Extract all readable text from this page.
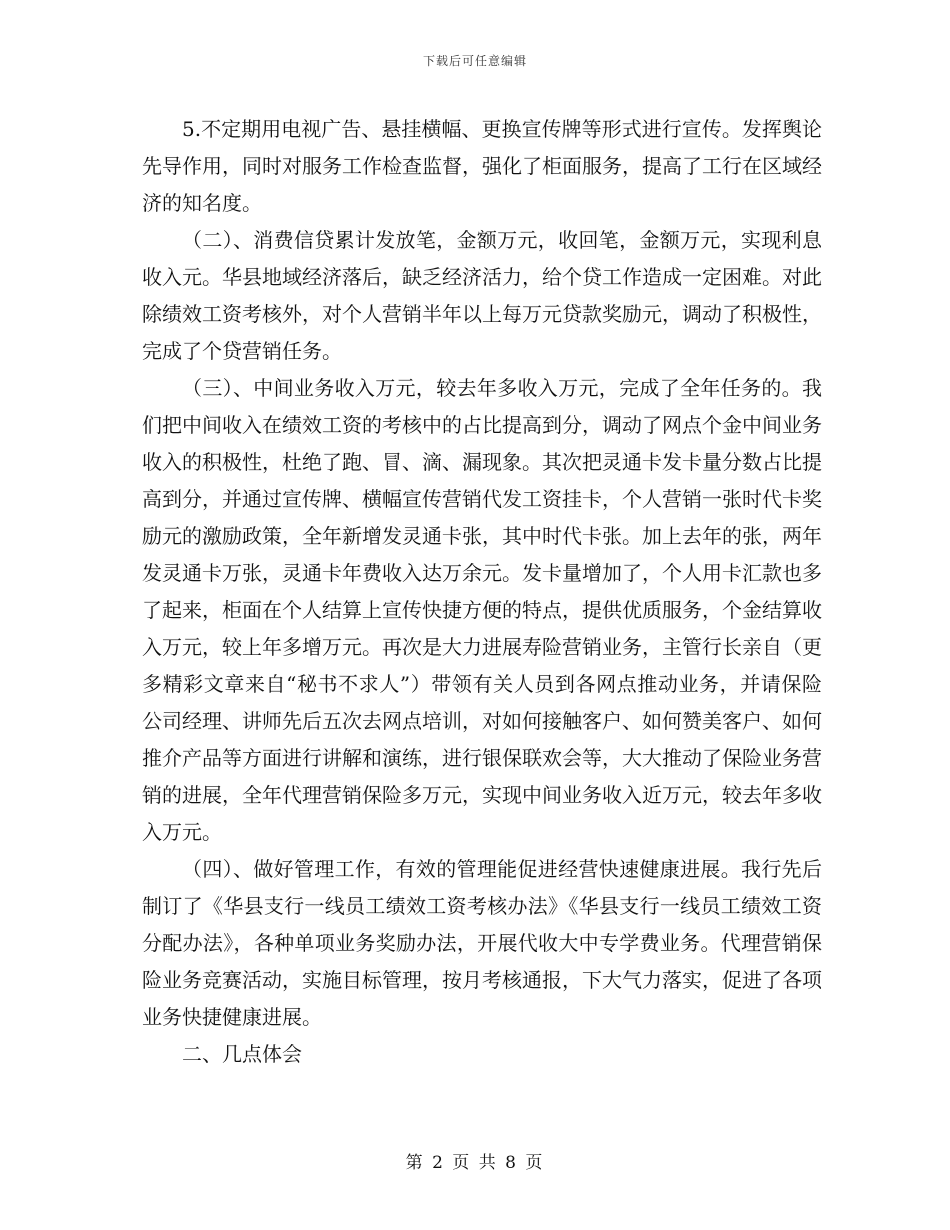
下载后可任意编辑

5.不定期用电视广告、悬挂横幅、更换宣传牌等形式进行宣传。发挥舆论先导作用，同时对服务工作检查监督，强化了柜面服务，提高了工行在区域经济的知名度。

（二）、消费信贷累计发放笔，金额万元，收回笔，金额万元，实现利息收入元。华县地域经济落后，缺乏经济活力，给个贷工作造成一定困难。对此除绩效工资考核外，对个人营销半年以上每万元贷款奖励元，调动了积极性，完成了个贷营销任务。

（三）、中间业务收入万元，较去年多收入万元，完成了全年任务的。我们把中间收入在绩效工资的考核中的占比提高到分，调动了网点个金中间业务收入的积极性，杜绝了跑、冒、滴、漏现象。其次把灵通卡发卡量分数占比提高到分，并通过宣传牌、横幅宣传营销代发工资挂卡，个人营销一张时代卡奖励元的激励政策，全年新增发灵通卡张，其中时代卡张。加上去年的张，两年发灵通卡万张，灵通卡年费收入达万余元。发卡量增加了，个人用卡汇款也多了起来，柜面在个人结算上宣传快捷方便的特点，提供优质服务，个金结算收入万元，较上年多增万元。再次是大力进展寿险营销业务，主管行长亲自（更多精彩文章来自“秘书不求人”）带领有关人员到各网点推动业务，并请保险公司经理、讲师先后五次去网点培训，对如何接触客户、如何赞美客户、如何推介产品等方面进行讲解和演练，进行银保联欢会等，大大推动了保险业务营销的进展，全年代理营销保险多万元，实现中间业务收入近万元，较去年多收入万元。

（四）、做好管理工作，有效的管理能促进经营快速健康进展。我行先后制订了《华县支行一线员工绩效工资考核办法》《华县支行一线员工绩效工资分配办法》，各种单项业务奖励办法，开展代收大中专学费业务。代理营销保险业务竞赛活动，实施目标管理，按月考核通报，下大气力落实，促进了各项业务快捷健康进展。

二、几点体会

第 2 页 共 8 页
